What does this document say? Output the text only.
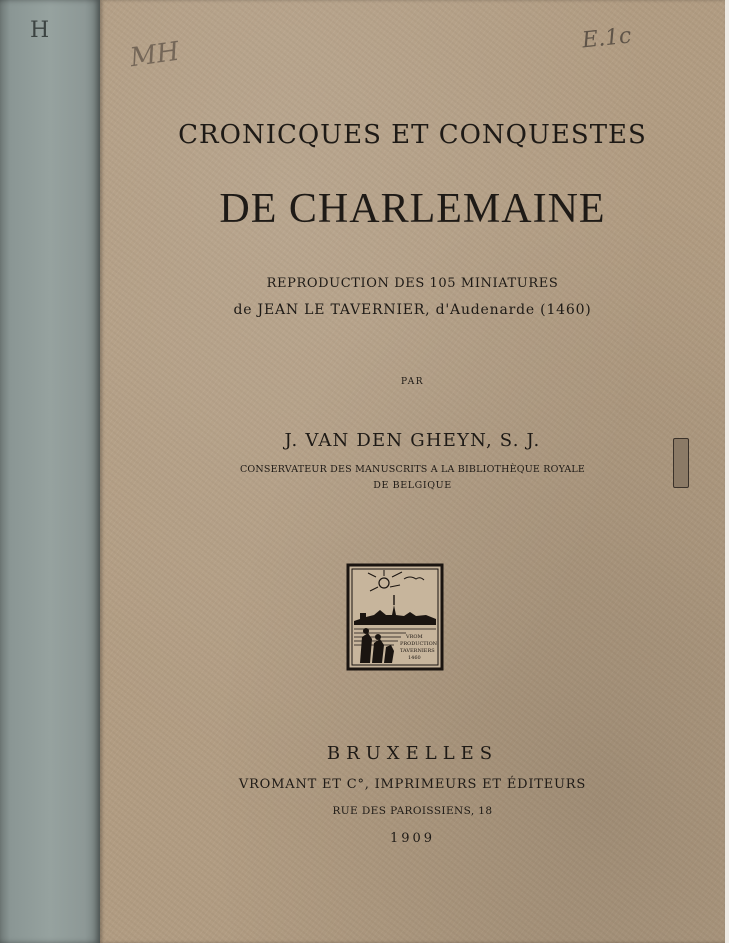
H
MH	E.1c
CRONICQUES ET CONQUESTES
DE CHARLEMAINE
REPRODUCTION DES 105 MINIATURES
de JEAN LE TAVERNIER, d'Audenarde (1460)
PAR
J. VAN DEN GHEYN, S. J.
CONSERVATEUR DES MANUSCRITS A LA BIBLIOTHÈQUE ROYALE
DE BELGIQUE
VROM
PRODUCTION
TAVERNIERS
1460
BRUXELLES
VROMANT ET C°, IMPRIMEURS ET ÉDITEURS
RUE DES PAROISSIENS, 18
1909
